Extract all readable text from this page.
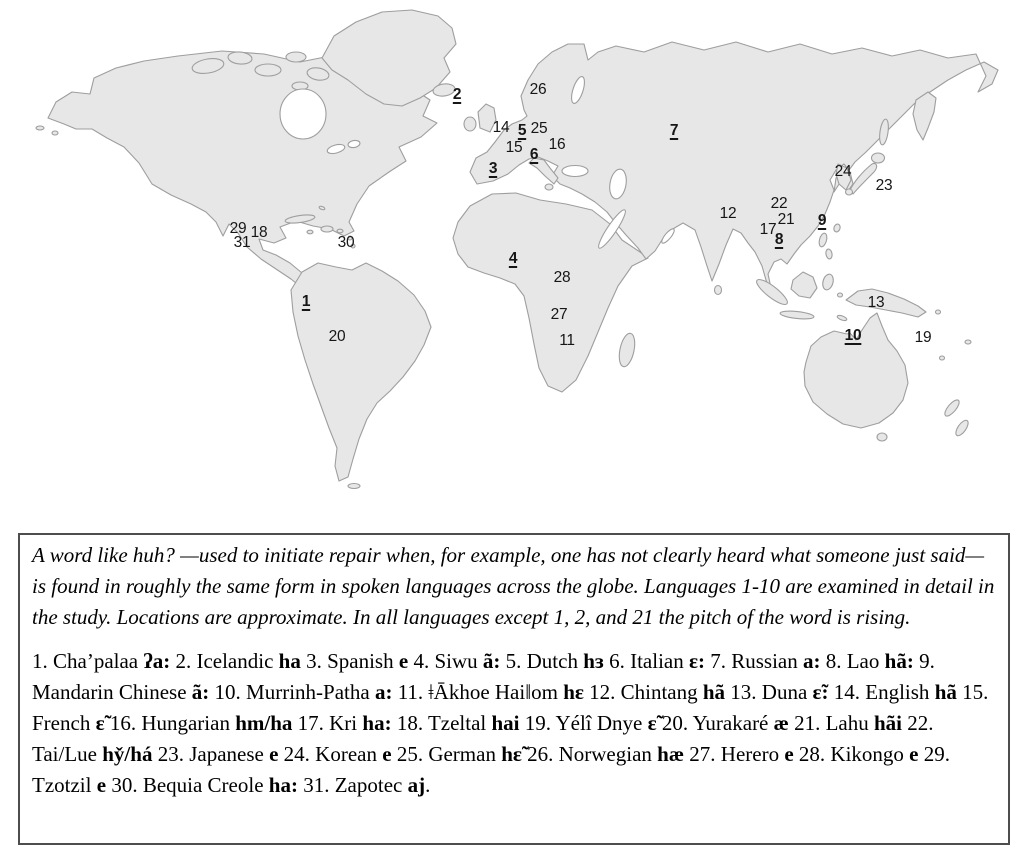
1
2
3
4
5
6
7
8
9
10
11
12
13
14
15 16
17
18
19
20
21
22
23
24
25
26
27
28
29
30
31

A word like huh? —used to initiate repair when, for example, one has not clearly heard what someone just said— is found in roughly the same form in spoken languages across the globe. Languages 1-10 are examined in detail in the study. Locations are approximate. In all languages except 1, 2, and 21 the pitch of the word is rising.

1. Cha’palaa ʔa: 2. Icelandic ha 3. Spanish e 4. Siwu ã: 5. Dutch hɜ 6. Italian ɛ: 7. Russian a: 8. Lao hã: 9. Mandarin Chinese ã: 10. Murrinh-Patha a: 11. ǂĀkhoe Haiǁom hɛ 12. Chintang hã 13. Duna ɛ̃: 14. English hã 15. French ɛ̃ 16. Hungarian hm/ha 17. Kri ha: 18. Tzeltal hai 19. Yélî Dnye ɛ̃ 20. Yurakaré æ 21. Lahu hãi 22. Tai/Lue hy̌/há 23. Japanese e 24. Korean e 25. German hɛ̃ 26. Norwegian hæ 27. Herero e 28. Kikongo e 29. Tzotzil e 30. Bequia Creole ha: 31. Zapotec aj.
